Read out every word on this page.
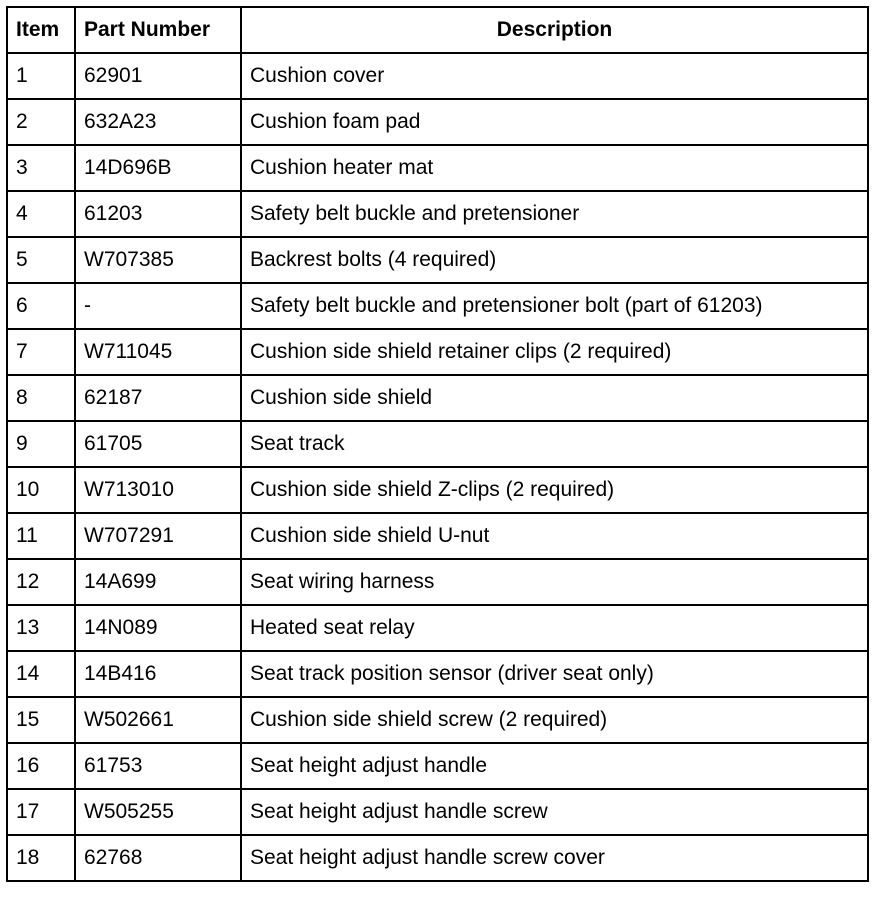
Item	Part Number	Description
1	62901	Cushion cover
2	632A23	Cushion foam pad
3	14D696B	Cushion heater mat
4	61203	Safety belt buckle and pretensioner
5	W707385	Backrest bolts (4 required)
6	-	Safety belt buckle and pretensioner bolt (part of 61203)
7	W711045	Cushion side shield retainer clips (2 required)
8	62187	Cushion side shield
9	61705	Seat track
10	W713010	Cushion side shield Z-clips (2 required)
11	W707291	Cushion side shield U-nut
12	14A699	Seat wiring harness
13	14N089	Heated seat relay
14	14B416	Seat track position sensor (driver seat only)
15	W502661	Cushion side shield screw (2 required)
16	61753	Seat height adjust handle
17	W505255	Seat height adjust handle screw
18	62768	Seat height adjust handle screw cover
